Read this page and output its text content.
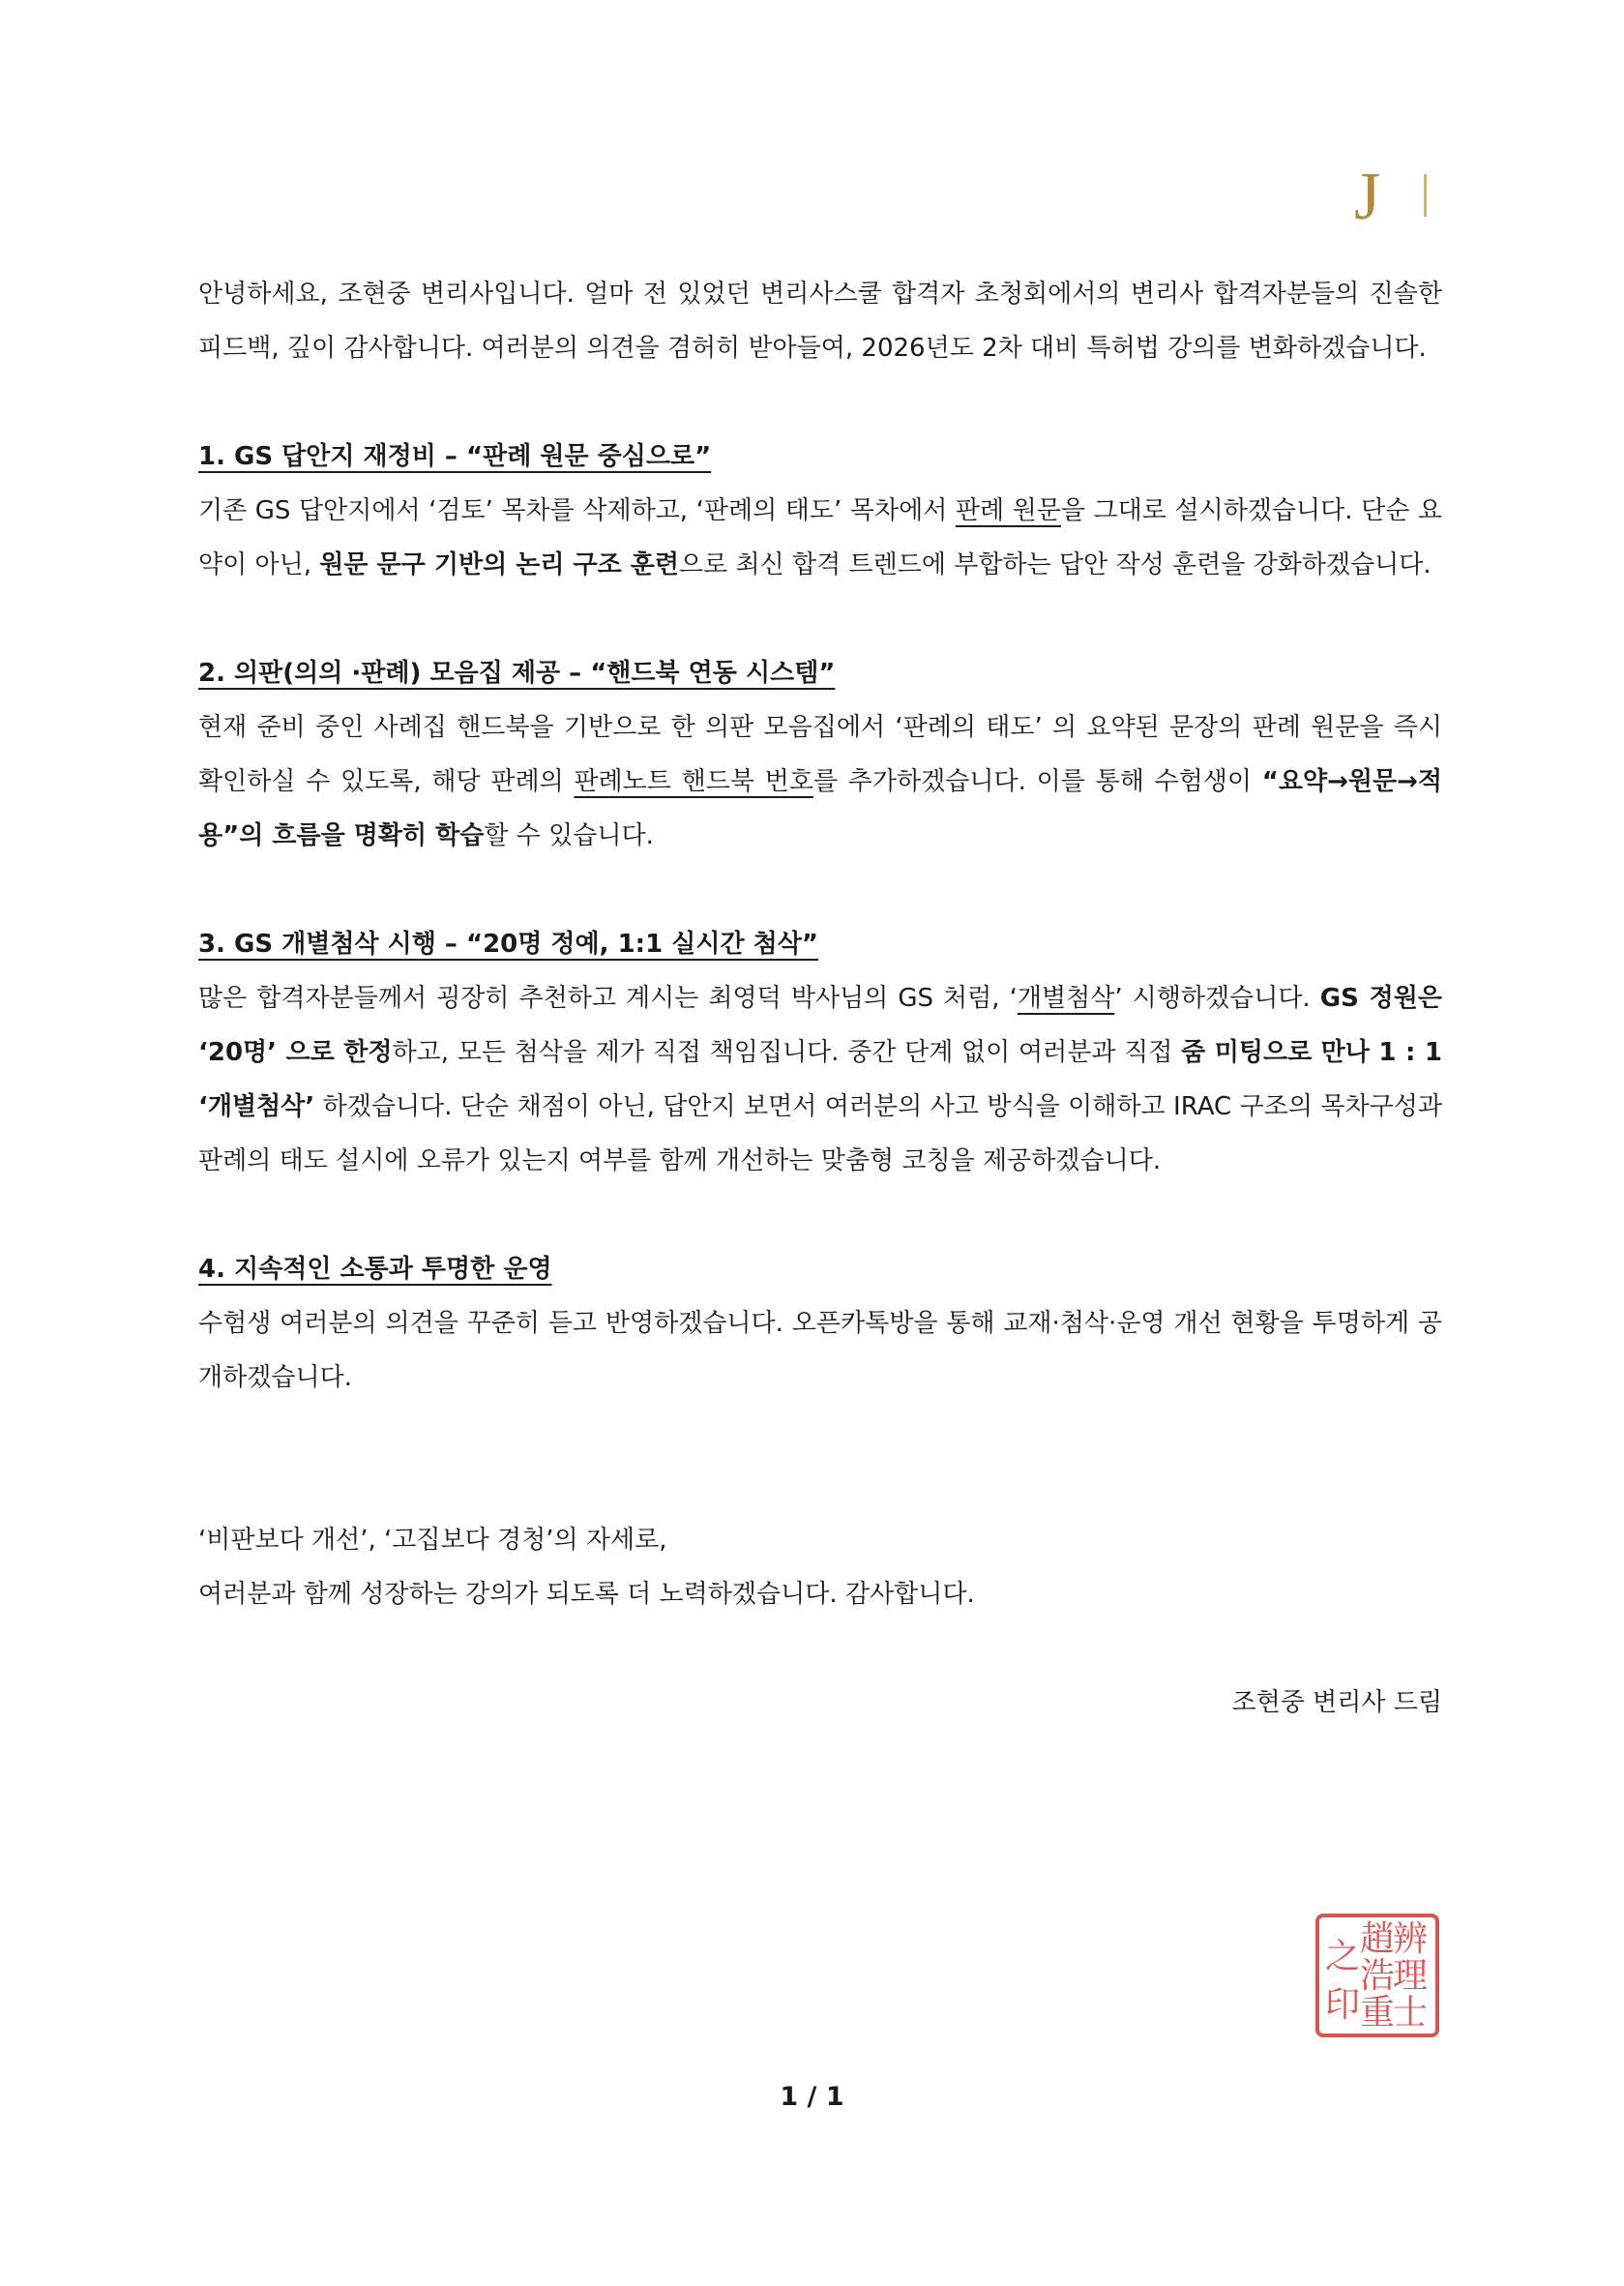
J

안녕하세요, 조현중 변리사입니다. 얼마 전 있었던 변리사스쿨 합격자 초청회에서의 변리사 합격자분들의 진솔한 피드백, 깊이 감사합니다. 여러분의 의견을 겸허히 받아들여, 2026년도 2차 대비 특허법 강의를 변화하겠습니다.

1. GS 답안지 재정비 – “판례 원문 중심으로”

기존 GS 답안지에서 ‘검토’ 목차를 삭제하고, ‘판례의 태도’ 목차에서 판례 원문을 그대로 설시하겠습니다. 단순 요약이 아닌, 원문 문구 기반의 논리 구조 훈련으로 최신 합격 트렌드에 부합하는 답안 작성 훈련을 강화하겠습니다.

2. 의판(의의 ·판례) 모음집 제공 – “핸드북 연동 시스템”

현재 준비 중인 사례집 핸드북을 기반으로 한 의판 모음집에서 ‘판례의 태도’ 의 요약된 문장의 판례 원문을 즉시 확인하실 수 있도록, 해당 판례의 판례노트 핸드북 번호를 추가하겠습니다. 이를 통해 수험생이 “요약→원문→적용”의 흐름을 명확히 학습할 수 있습니다.

3. GS 개별첨삭 시행 – “20명 정예, 1:1 실시간 첨삭”

많은 합격자분들께서 굉장히 추천하고 계시는 최영덕 박사님의 GS 처럼, ‘개별첨삭’ 시행하겠습니다. GS 정원은 ‘20명’ 으로 한정하고, 모든 첨삭을 제가 직접 책임집니다. 중간 단계 없이 여러분과 직접 줌 미팅으로 만나 1 : 1 ‘개별첨삭’ 하겠습니다. 단순 채점이 아닌, 답안지 보면서 여러분의 사고 방식을 이해하고 IRAC 구조의 목차구성과 판례의 태도 설시에 오류가 있는지 여부를 함께 개선하는 맞춤형 코칭을 제공하겠습니다.

4. 지속적인 소통과 투명한 운영

수험생 여러분의 의견을 꾸준히 듣고 반영하겠습니다. 오픈카톡방을 통해 교재·첨삭·운영 개선 현황을 투명하게 공개하겠습니다.

‘비판보다 개선’, ‘고집보다 경청’의 자세로,

여러분과 함께 성장하는 강의가 되도록 더 노력하겠습니다. 감사합니다.

조현중 변리사 드림

辨
趙
理
浩
士
重
之
印
1 / 1
